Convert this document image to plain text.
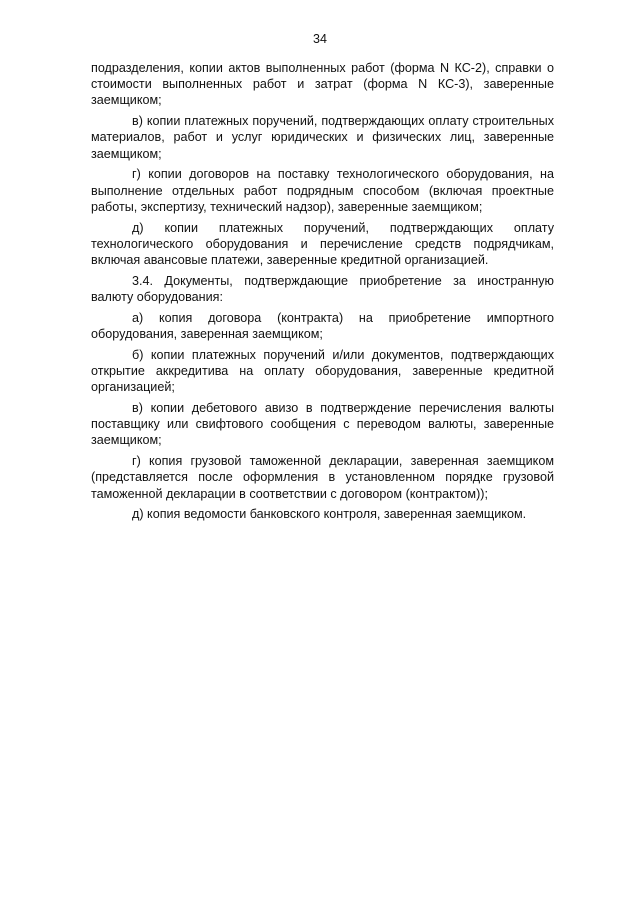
34

подразделения, копии актов выполненных работ (форма N КС-2), справки о стоимости выполненных работ и затрат (форма N КС-3), заверенные заемщиком;

в) копии платежных поручений, подтверждающих оплату строительных материалов, работ и услуг юридических и физических лиц, заверенные заемщиком;

г) копии договоров на поставку технологического оборудования, на выполнение отдельных работ подрядным способом (включая проектные работы, экспертизу, технический надзор), заверенные заемщиком;

д) копии платежных поручений, подтверждающих оплату технологического оборудования и перечисление средств подрядчикам, включая авансовые платежи, заверенные кредитной организацией.

3.4. Документы, подтверждающие приобретение за иностранную валюту оборудования:

а) копия договора (контракта) на приобретение импортного оборудования, заверенная заемщиком;

б) копии платежных поручений и/или документов, подтверждающих открытие аккредитива на оплату оборудования, заверенные кредитной организацией;

в) копии дебетового авизо в подтверждение перечисления валюты поставщику или свифтового сообщения с переводом валюты, заверенные заемщиком;

г) копия грузовой таможенной декларации, заверенная заемщиком (представляется после оформления в установленном порядке грузовой таможенной декларации в соответствии с договором (контрактом));

д) копия ведомости банковского контроля, заверенная заемщиком.
